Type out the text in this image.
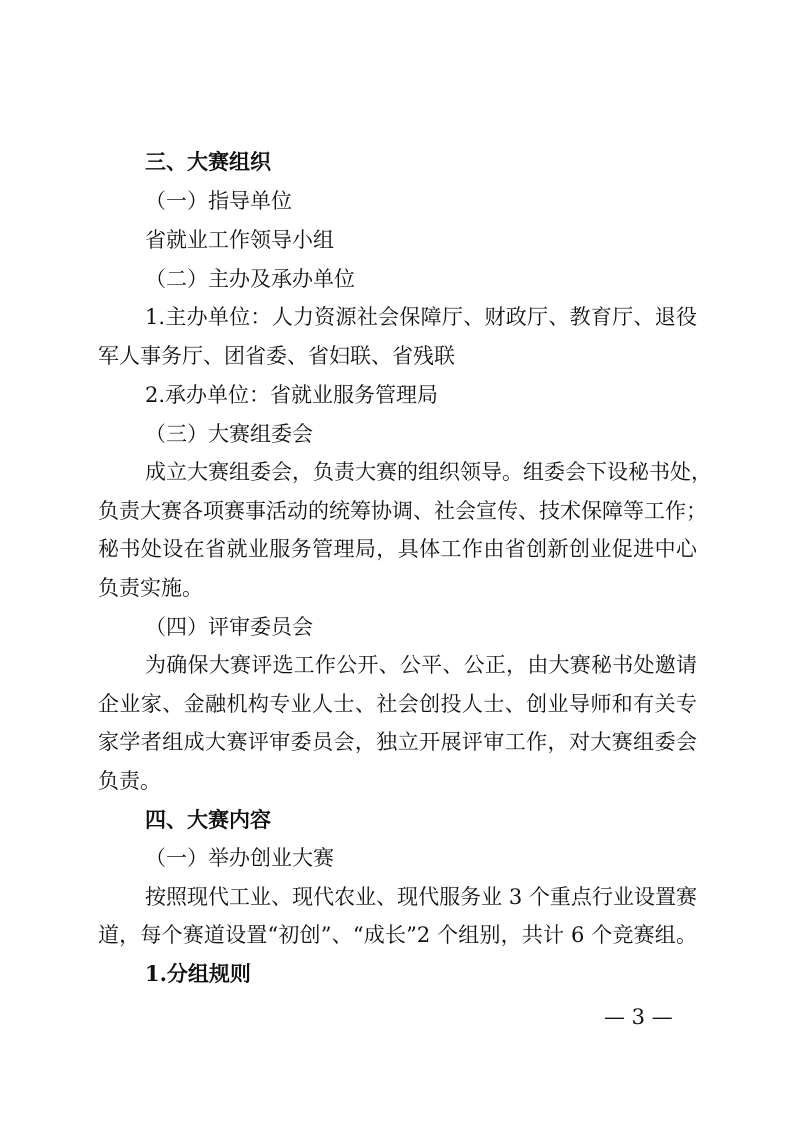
三、大赛组织
（一）指导单位
省就业工作领导小组
（二）主办及承办单位
1.主办单位：人力资源社会保障厅、财政厅、教育厅、退役
军人事务厅、团省委、省妇联、省残联
2.承办单位：省就业服务管理局
（三）大赛组委会
成立大赛组委会，负责大赛的组织领导。组委会下设秘书处，
负责大赛各项赛事活动的统筹协调、社会宣传、技术保障等工作；
秘书处设在省就业服务管理局，具体工作由省创新创业促进中心
负责实施。
（四）评审委员会
为确保大赛评选工作公开、公平、公正，由大赛秘书处邀请
企业家、金融机构专业人士、社会创投人士、创业导师和有关专
家学者组成大赛评审委员会，独立开展评审工作，对大赛组委会
负责。
四、大赛内容
（一）举办创业大赛
按照现代工业、现代农业、现代服务业 3 个重点行业设置赛
道，每个赛道设置“初创”、“成长”2 个组别，共计 6 个竞赛组。
1.分组规则
— 3 —
